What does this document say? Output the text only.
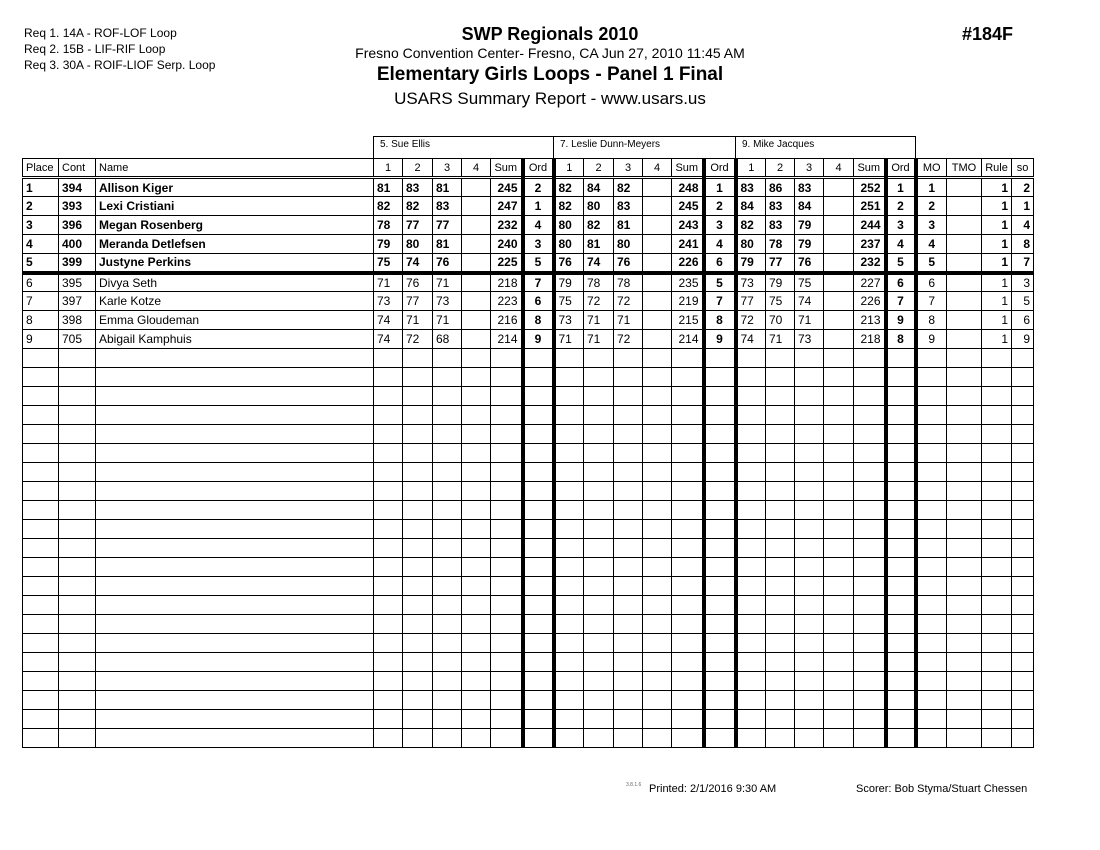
Req 1. 14A - ROF-LOF Loop
Req 2. 15B - LIF-RIF Loop
Req 3. 30A - ROIF-LIOF Serp. Loop
SWP Regionals 2010
Fresno Convention Center- Fresno, CA Jun 27, 2010 11:45 AM
Elementary Girls Loops - Panel 1 Final
USARS Summary Report - www.usars.us
#184F
5. Sue Ellis	7. Leslie Dunn-Meyers	9. Mike Jacques
Place	Cont	Name	1	2	3	4	Sum	Ord	1	2	3	4	Sum	Ord	1	2	3	4	Sum	Ord	MO	TMO	Rule	so
1	394	Allison Kiger	81	83	81		245	2	82	84	82		248	1	83	86	83		252	1	1		1	2
2	393	Lexi Cristiani	82	82	83		247	1	82	80	83		245	2	84	83	84		251	2	2		1	1
3	396	Megan Rosenberg	78	77	77		232	4	80	82	81		243	3	82	83	79		244	3	3		1	4
4	400	Meranda Detlefsen	79	80	81		240	3	80	81	80		241	4	80	78	79		237	4	4		1	8
5	399	Justyne Perkins	75	74	76		225	5	76	74	76		226	6	79	77	76		232	5	5		1	7
6	395	Divya Seth	71	76	71		218	7	79	78	78		235	5	73	79	75		227	6	6		1	3
7	397	Karle Kotze	73	77	73		223	6	75	72	72		219	7	77	75	74		226	7	7		1	5
8	398	Emma Gloudeman	74	71	71		216	8	73	71	71		215	8	72	70	71		213	9	8		1	6
9	705	Abigail Kamphuis	74	72	68		214	9	71	71	72		214	9	74	71	73		218	8	9		1	9

3.8.1.6 Printed: 2/1/2016 9:30 AM	Scorer: Bob Styma/Stuart Chessen
